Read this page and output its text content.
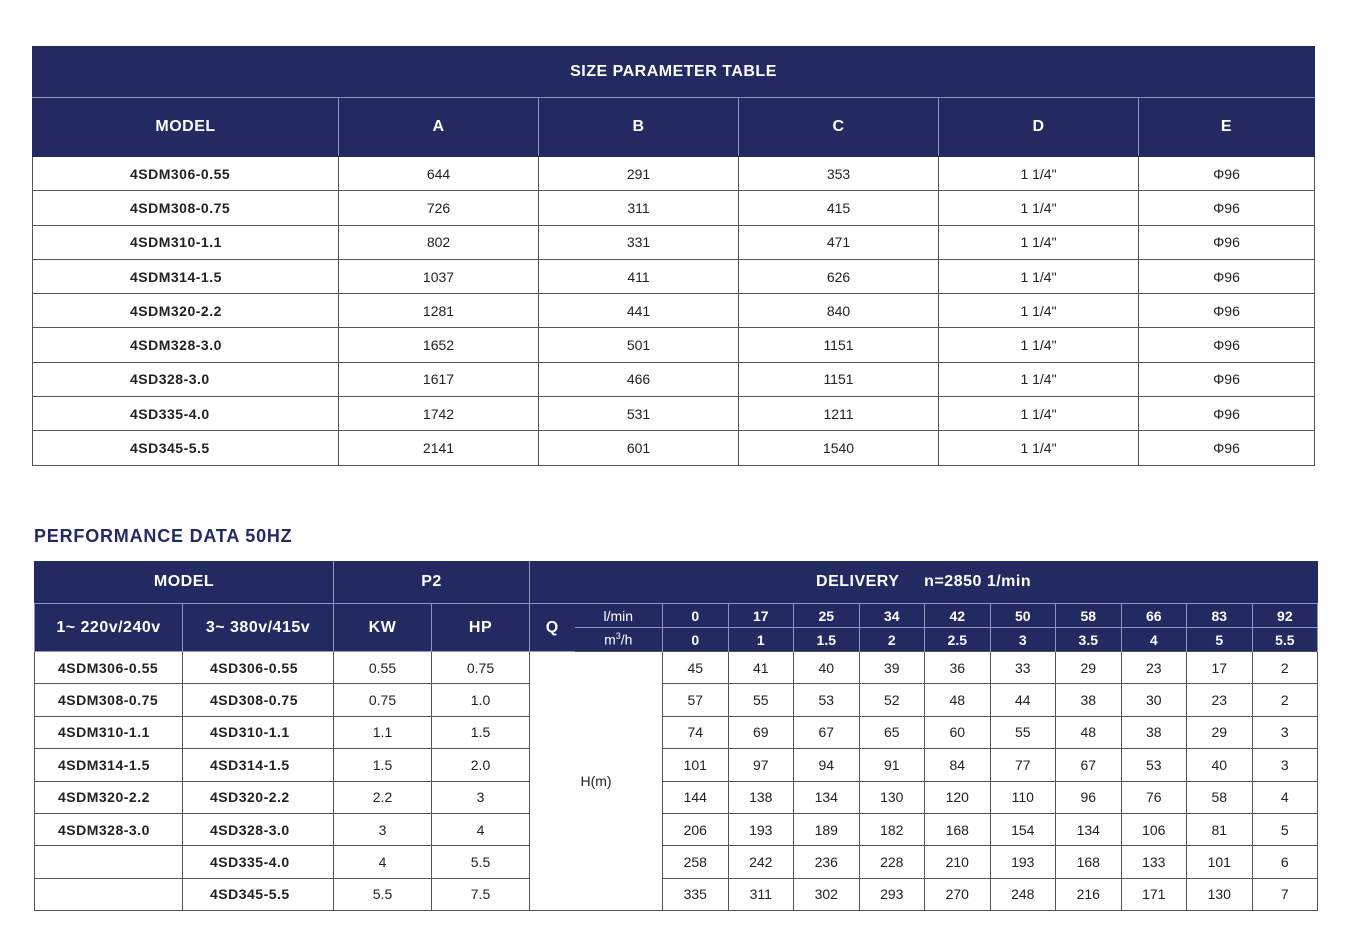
SIZE PARAMETER TABLE					
MODEL	A	B	C	D	E
4SDM306-0.55	644	291	353	1 1/4"	Φ96
4SDM308-0.75	726	311	415	1 1/4"	Φ96
4SDM310-1.1	802	331	471	1 1/4"	Φ96
4SDM314-1.5	1037	411	626	1 1/4"	Φ96
4SDM320-2.2	1281	441	840	1 1/4"	Φ96
4SDM328-3.0	1652	501	1151	1 1/4"	Φ96
4SD328-3.0	1617	466	1151	1 1/4"	Φ96
4SD335-4.0	1742	531	1211	1 1/4"	Φ96
4SD345-5.5	2141	601	1540	1 1/4"	Φ96
PERFORMANCE DATA 50HZ
MODEL		P2		DELIVERY n=2850 1/min											
1~ 220v/240v	3~ 380v/415v	KW	HP	Q	l/min	0	17	25	34	42	50	58	66	83	92
					$m^3/h$	0	1	1.5	2	2.5	3	3.5	4	5	5.5
4SDM306-0.55	4SD306-0.55	0.55	0.75	H(m)		45	41	40	39	36	33	29	23	17	2
4SDM308-0.75	4SD308-0.75	0.75	1.0			57	55	53	52	48	44	38	30	23	2
4SDM310-1.1	4SD310-1.1	1.1	1.5			74	69	67	65	60	55	48	38	29	3
4SDM314-1.5	4SD314-1.5	1.5	2.0			101	97	94	91	84	77	67	53	40	3
4SDM320-2.2	4SD320-2.2	2.2	3			144	138	134	130	120	110	96	76	58	4
4SDM328-3.0	4SD328-3.0	3	4			206	193	189	182	168	154	134	106	81	5
	4SD335-4.0	4	5.5			258	242	236	228	210	193	168	133	101	6
	4SD345-5.5	5.5	7.5			335	311	302	293	270	248	216	171	130	7
